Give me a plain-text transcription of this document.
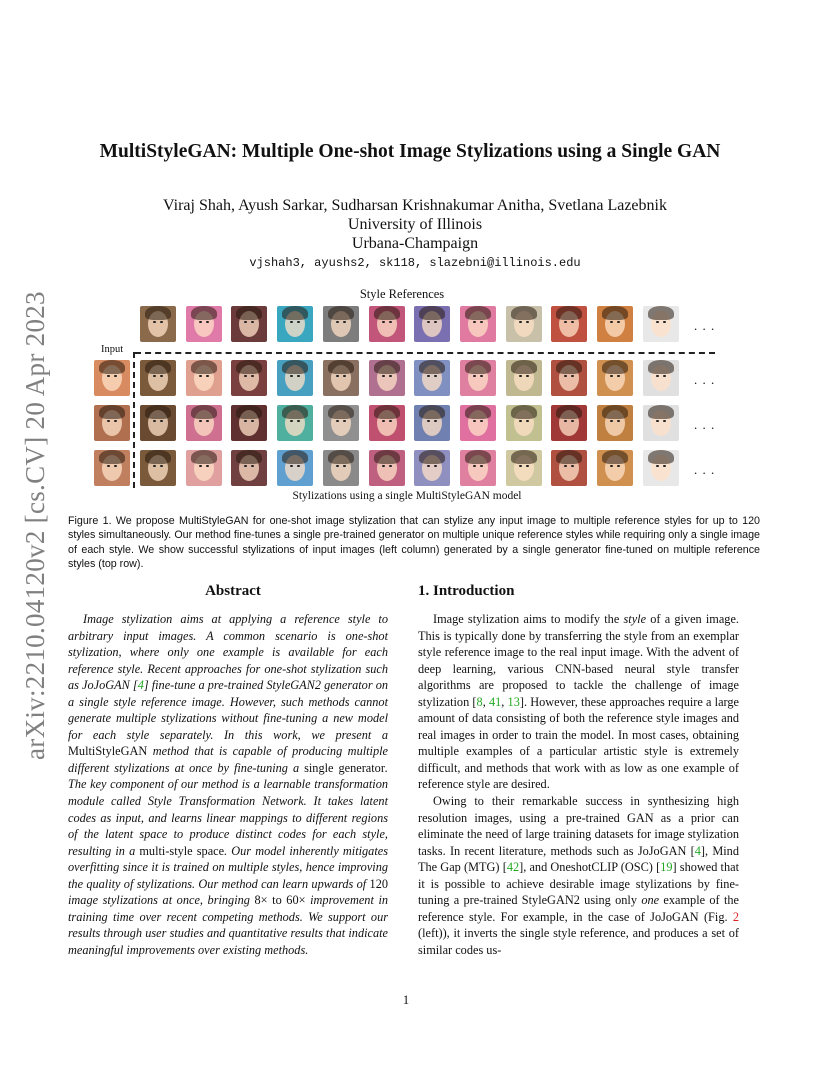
arXiv:2210.04120v2 [cs.CV] 20 Apr 2023
MultiStyleGAN: Multiple One-shot Image Stylizations using a Single GAN
Viraj Shah, Ayush Sarkar, Sudharsan Krishnakumar Anitha, Svetlana Lazebnik
University of Illinois
Urbana-Champaign
vjshah3, ayushs2, sk118, slazebni@illinois.edu
Style References
Input
. . .
. . .
. . .
. . .
Stylizations using a single MultiStyleGAN model
Figure 1. We propose MultiStyleGAN for one-shot image stylization that can stylize any input image to multiple reference styles for up to 120 styles simultaneously. Our method fine-tunes a single pre-trained generator on multiple unique reference styles while requiring only a single image of each style. We show successful stylizations of input images (left column) generated by a single generator fine-tuned on multiple reference styles (top row).
Abstract	1. Introduction

Image stylization aims at applying a reference style to arbitrary input images. A common scenario is one-shot stylization, where only one example is available for each reference style. Recent approaches for one-shot stylization such as JoJoGAN [4] fine-tune a pre-trained StyleGAN2 generator on a single style reference image. However, such methods cannot generate multiple stylizations without fine-tuning a new model for each style separately. In this work, we present a MultiStyleGAN method that is capable of producing multiple different stylizations at once by fine-tuning a single generator. The key component of our method is a learnable transformation module called Style Transformation Network. It takes latent codes as input, and learns linear mappings to different regions of the latent space to produce distinct codes for each style, resulting in a multi-style space. Our model inherently mitigates overfitting since it is trained on multiple styles, hence improving the quality of stylizations. Our method can learn upwards of 120 image stylizations at once, bringing 8× to 60× improvement in training time over recent competing methods. We support our results through user studies and quantitative results that indicate meaningful improvements over existing methods.

Image stylization aims to modify the style of a given image. This is typically done by transferring the style from an exemplar style reference image to the real input image. With the advent of deep learning, various CNN-based neural style transfer algorithms are proposed to tackle the challenge of image stylization [8, 41, 13]. However, these approaches require a large amount of data consisting of both the reference style images and real images in order to train the model. In most cases, obtaining multiple examples of a particular artistic style is extremely difficult, and methods that work with as low as one example of reference style are desired.

Owing to their remarkable success in synthesizing high resolution images, using a pre-trained GAN as a prior can eliminate the need of large training datasets for image stylization tasks. In recent literature, methods such as JoJoGAN [4], Mind The Gap (MTG) [42], and OneshotCLIP (OSC) [19] showed that it is possible to achieve desirable image stylizations by fine-tuning a pre-trained StyleGAN2 using only one example of the reference style. For example, in the case of JoJoGAN (Fig. 2 (left)), it inverts the single style reference, and produces a set of similar codes us-

1
